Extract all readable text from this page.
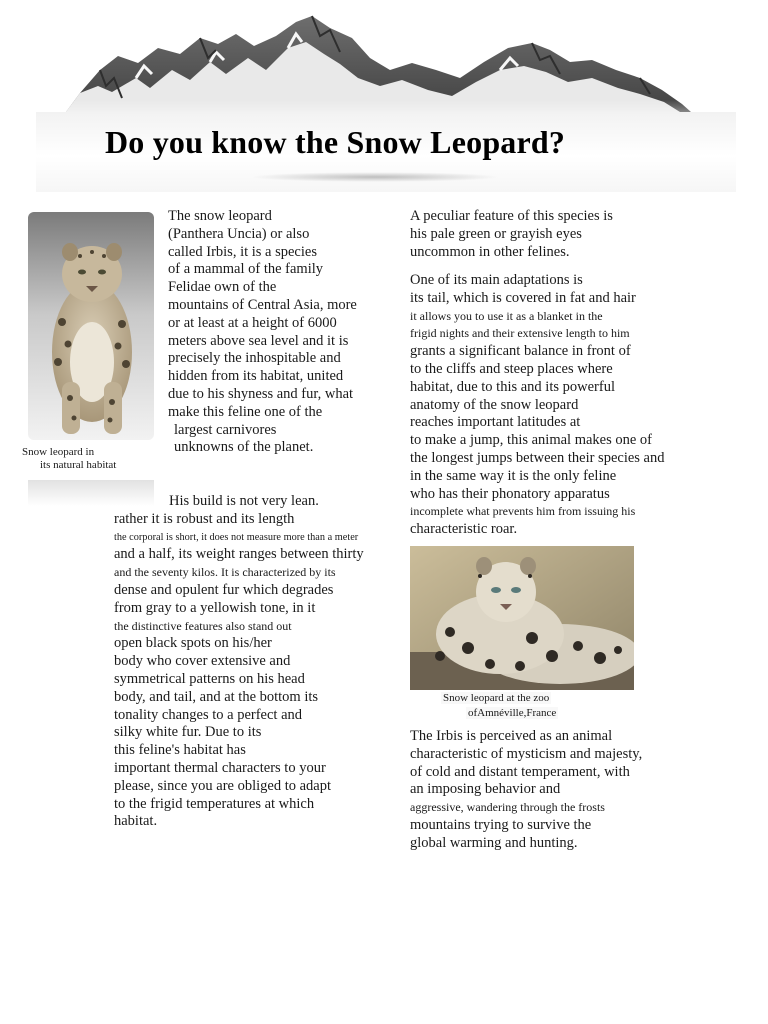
Do you know the Snow Leopard?
Snow leopard in
its natural habitat
Snow leopard at the zoo
ofAmnéville,France

The snow leopard

(Panthera Uncia) or also

called Irbis, it is a species

of a mammal of the family

Felidae own of the

mountains of Central Asia, more

or at least at a height of 6000

meters above sea level and it is

precisely the inhospitable and

hidden from its habitat, united

due to his shyness and fur, what

make this feline one of the

largest carnivores

unknowns of the planet.

His build is not very lean.

rather it is robust and its length

the corporal is short, it does not measure more than a meter

and a half, its weight ranges between thirty

and the seventy kilos. It is characterized by its

dense and opulent fur which degrades

from gray to a yellowish tone, in it

the distinctive features also stand out

open black spots on his/her

body who cover extensive and

symmetrical patterns on his head

body, and tail, and at the bottom its

tonality changes to a perfect and

silky white fur. Due to its

this feline's habitat has

important thermal characters to your

please, since you are obliged to adapt

to the frigid temperatures at which

habitat.

A peculiar feature of this species is

his pale green or grayish eyes

uncommon in other felines.

One of its main adaptations is

its tail, which is covered in fat and hair

it allows you to use it as a blanket in the

frigid nights and their extensive length to him

grants a significant balance in front of

to the cliffs and steep places where

habitat, due to this and its powerful

anatomy of the snow leopard

reaches important latitudes at

to make a jump, this animal makes one of

the longest jumps between their species and

in the same way it is the only feline

who has their phonatory apparatus

incomplete what prevents him from issuing his

characteristic roar.

The Irbis is perceived as an animal

characteristic of mysticism and majesty,

of cold and distant temperament, with

an imposing behavior and

aggressive, wandering through the frosts

mountains trying to survive the

global warming and hunting.
